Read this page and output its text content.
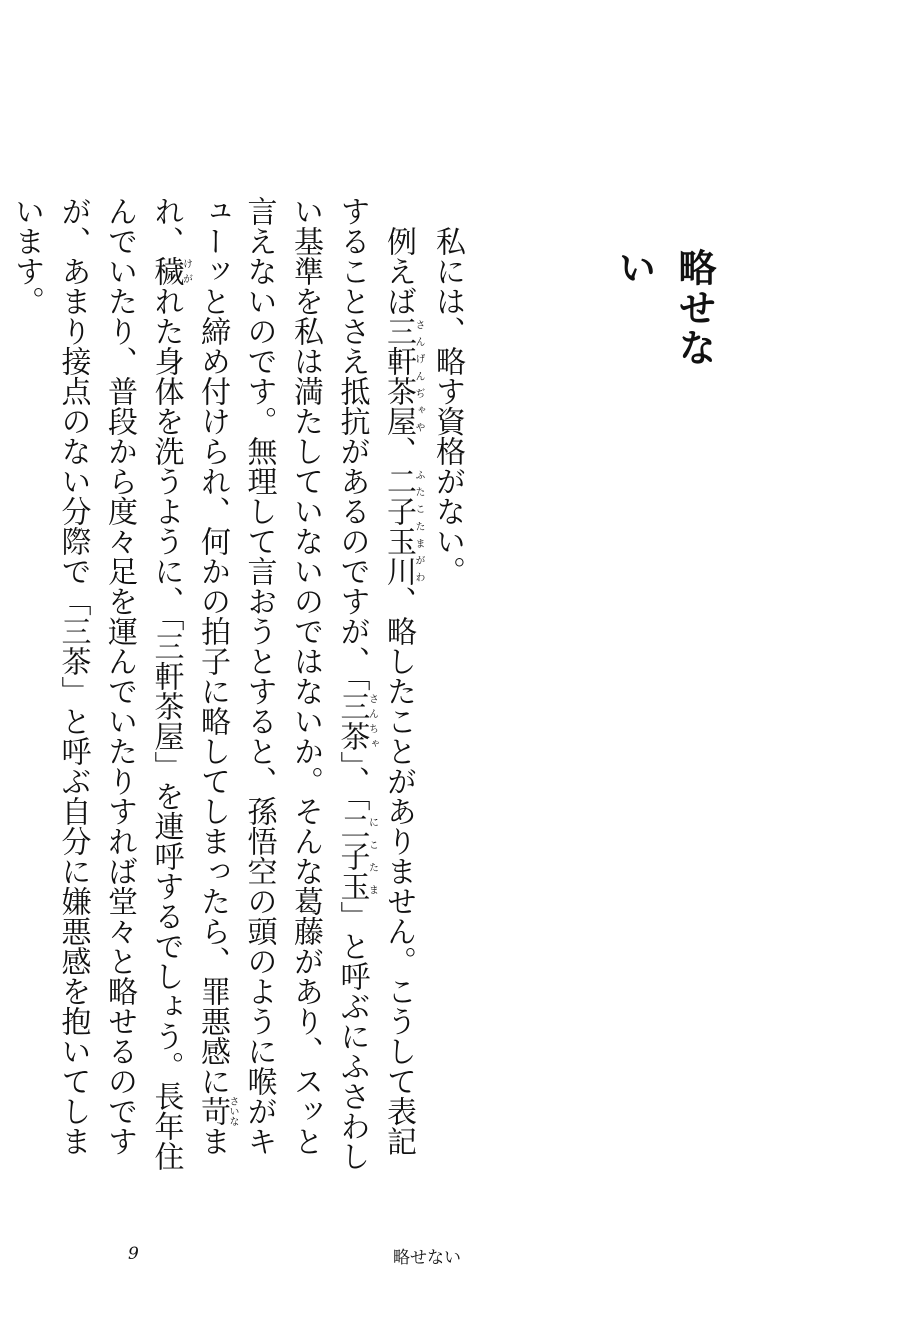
略せない

私には、略す資格がない。

例えば三軒茶屋さんげんぢゃや、二子玉川ふたこたまがわ、略したことがありません。こうして表記することさえ抵抗があるのですが、「三茶さんちゃ」、「二子玉にこたま」と呼ぶにふさわしい基準を私は満たしていないのではないか。そんな葛藤があり、スッと言えないのです。無理して言おうとすると、孫悟空の頭のように喉がキューッと締め付けられ、何かの拍子に略してしまったら、罪悪感に苛さいなまれ、穢けがれた身体を洗うように、「三軒茶屋」を連呼するでしょう。長年住んでいたり、普段から度々足を運んでいたりすれば堂々と略せるのですが、あまり接点のない分際で「三茶」と呼ぶ自分に嫌悪感を抱いてしまいます。

9	略せない
